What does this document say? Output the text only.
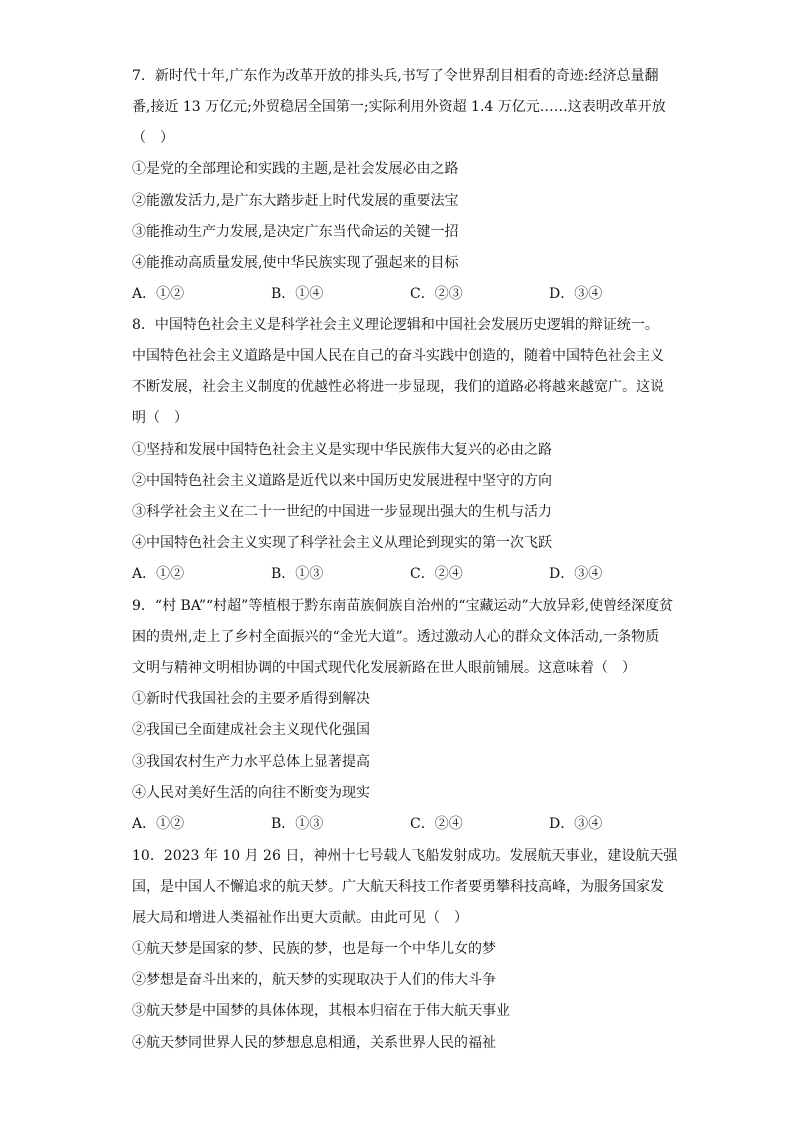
7．新时代十年,广东作为改革开放的排头兵,书写了令世界刮目相看的奇迹:经济总量翻
番,接近 13 万亿元;外贸稳居全国第一;实际利用外资超 1.4 万亿元……这表明改革开放
（　）
①是党的全部理论和实践的主题,是社会发展必由之路
②能激发活力,是广东大踏步赶上时代发展的重要法宝
③能推动生产力发展,是决定广东当代命运的关键一招
④能推动高质量发展,使中华民族实现了强起来的目标
A．①②	B．①④	C．②③	D．③④
8．中国特色社会主义是科学社会主义理论逻辑和中国社会发展历史逻辑的辩证统一。
中国特色社会主义道路是中国人民在自己的奋斗实践中创造的，随着中国特色社会主义
不断发展，社会主义制度的优越性必将进一步显现，我们的道路必将越来越宽广。这说
明（　）
①坚持和发展中国特色社会主义是实现中华民族伟大复兴的必由之路
②中国特色社会主义道路是近代以来中国历史发展进程中坚守的方向
③科学社会主义在二十一世纪的中国进一步显现出强大的生机与活力
④中国特色社会主义实现了科学社会主义从理论到现实的第一次飞跃
A．①②	B．①③	C．②④	D．③④
9．“村 BA”“村超”等植根于黔东南苗族侗族自治州的“宝藏运动”大放异彩,使曾经深度贫
困的贵州,走上了乡村全面振兴的“金光大道”。透过激动人心的群众文体活动,一条物质
文明与精神文明相协调的中国式现代化发展新路在世人眼前铺展。这意味着（　）
①新时代我国社会的主要矛盾得到解决
②我国已全面建成社会主义现代化强国
③我国农村生产力水平总体上显著提高
④人民对美好生活的向往不断变为现实
A．①②	B．①③	C．②④	D．③④
10．2023 年 10 月 26 日，神州十七号载人飞船发射成功。发展航天事业，建设航天强
国，是中国人不懈追求的航天梦。广大航天科技工作者要勇攀科技高峰，为服务国家发
展大局和增进人类福祉作出更大贡献。由此可见（　）
①航天梦是国家的梦、民族的梦，也是每一个中华儿女的梦
②梦想是奋斗出来的，航天梦的实现取决于人们的伟大斗争
③航天梦是中国梦的具体体现，其根本归宿在于伟大航天事业
④航天梦同世界人民的梦想息息相通，关系世界人民的福祉
